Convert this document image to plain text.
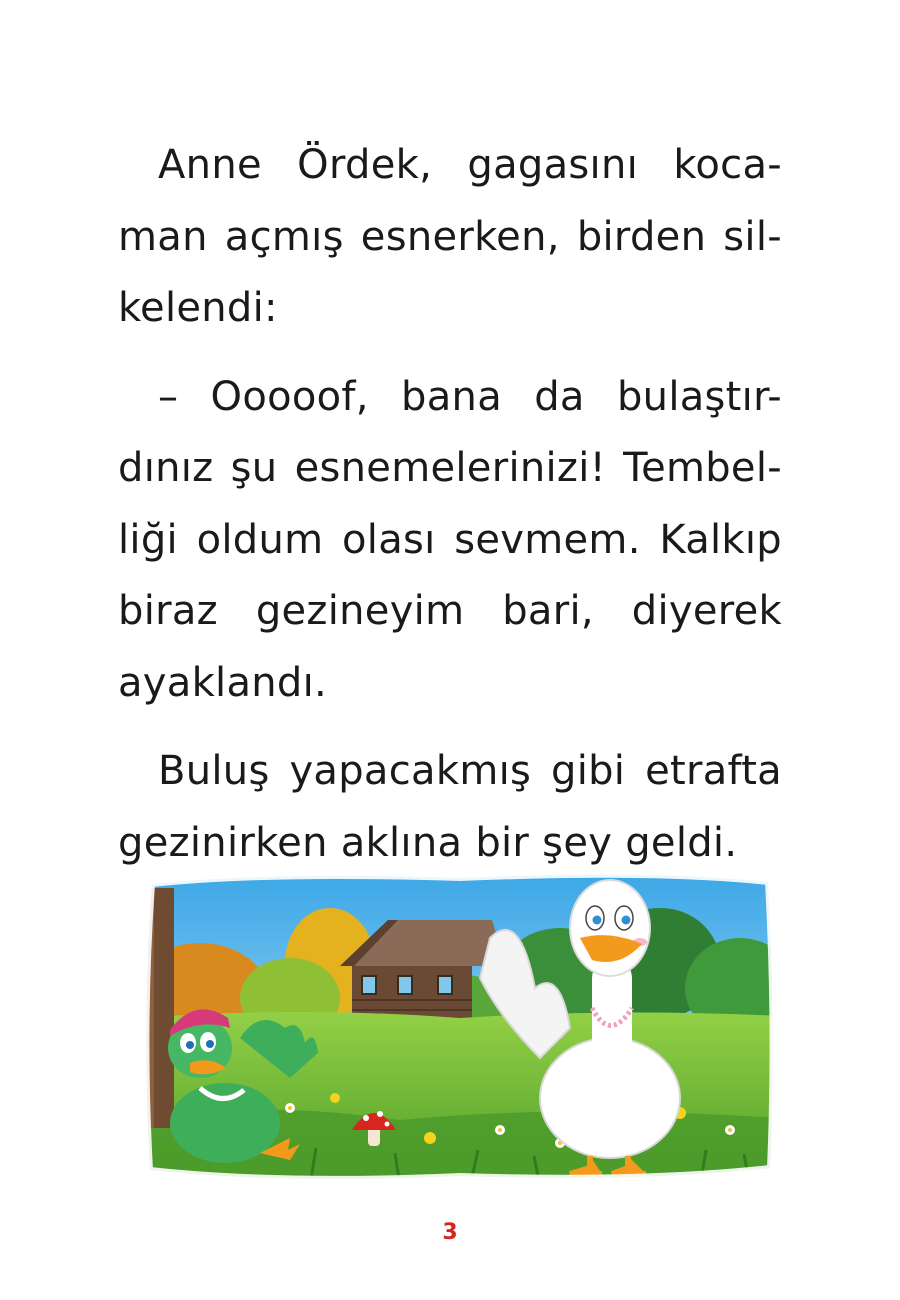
Anne Ördek, gagasını koca-
man açmış esnerken, birden sil-
kelendi:
– Ooooof, bana da bulaştır-
dınız şu esnemelerinizi! Tembel-
liği oldum olası sevmem. Kalkıp
biraz gezineyim bari, diyerek
ayaklandı.
Buluş yapacakmış gibi etrafta
gezinirken aklına bir şey geldi.
3
